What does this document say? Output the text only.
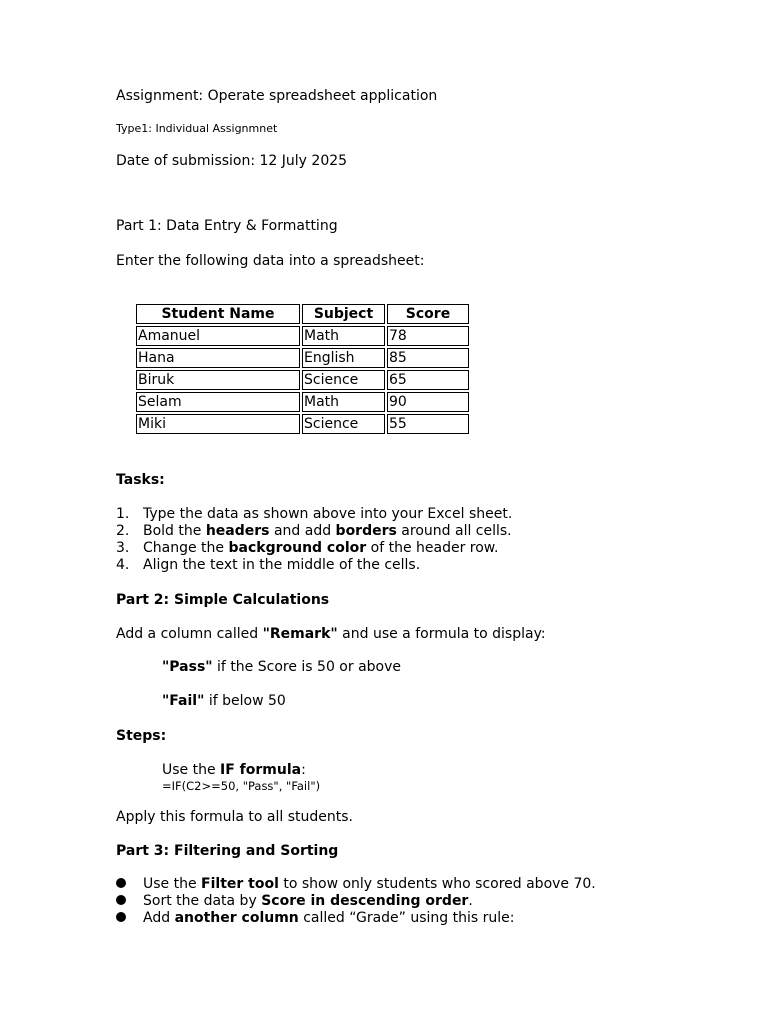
Assignment: Operate spreadsheet application
Type1: Individual Assignmnet
Date of submission: 12 July 2025
Part 1: Data Entry & Formatting
Enter the following data into a spreadsheet:
Student Name	Subject	Score
Amanuel	Math	78
Hana	English	85
Biruk	Science	65
Selam	Math	90
Miki	Science	55
Tasks:
1. Type the data as shown above into your Excel sheet.
2. Bold the headers and add borders around all cells.
3. Change the background color of the header row.
4. Align the text in the middle of the cells.
Part 2: Simple Calculations
Add a column called "Remark" and use a formula to display:
"Pass" if the Score is 50 or above
"Fail" if below 50
Steps:
Use the IF formula:
=IF(C2>=50, "Pass", "Fail")
Apply this formula to all students.
Part 3: Filtering and Sorting
Use the Filter tool to show only students who scored above 70.
Sort the data by Score in descending order.
Add another column called “Grade” using this rule:
